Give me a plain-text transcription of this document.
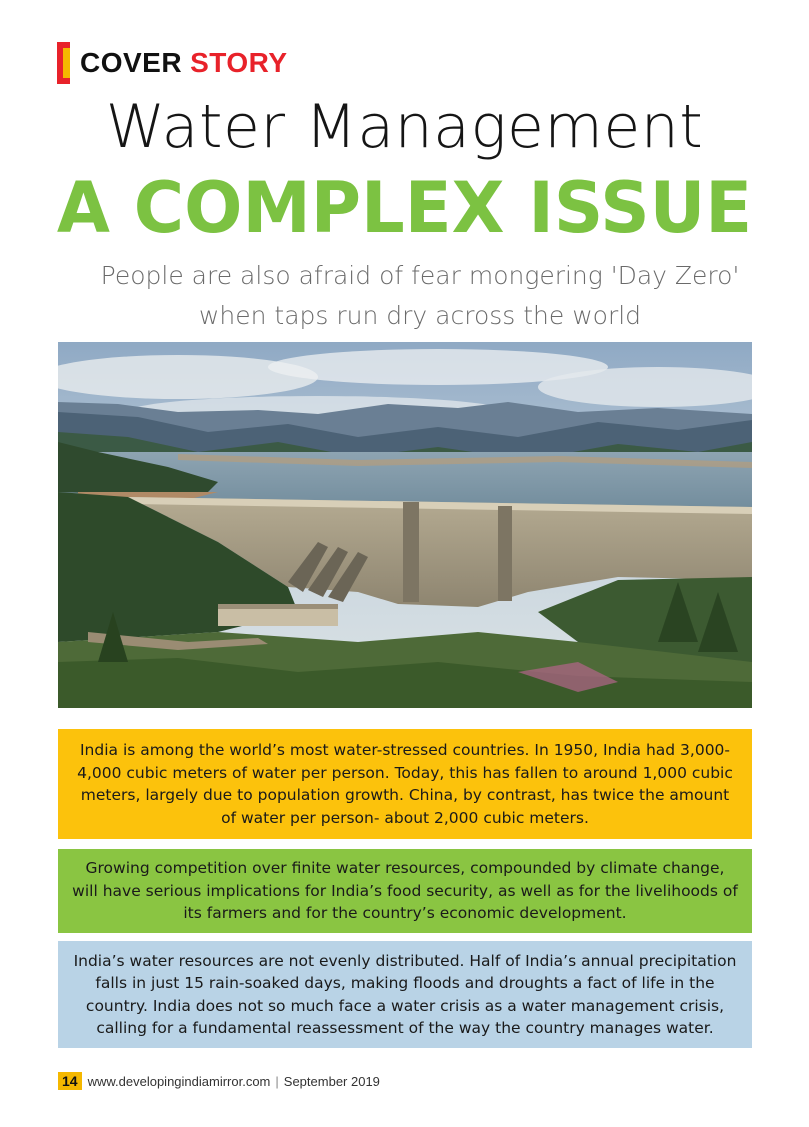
COVER STORY
Water Management
A COMPLEX ISSUE
People are also afraid of fear mongering 'Day Zero'
when taps run dry across the world
India is among the world’s most water-stressed countries. In 1950, India had 3,000-4,000 cubic meters of water per person. Today, this has fallen to around 1,000 cubic meters, largely due to population growth. China, by contrast, has twice the amount of water per person- about 2,000 cubic meters.
Growing competition over finite water resources, compounded by climate change, will have serious implications for India’s food security, as well as for the livelihoods of its farmers and for the country’s economic development.
India’s water resources are not evenly distributed. Half of India’s annual precipitation falls in just 15 rain-soaked days, making floods and droughts a fact of life in the country. India does not so much face a water crisis as a water management crisis, calling for a fundamental reassessment of the way the country manages water.
14 www.developingindiamirror.com | September 2019
